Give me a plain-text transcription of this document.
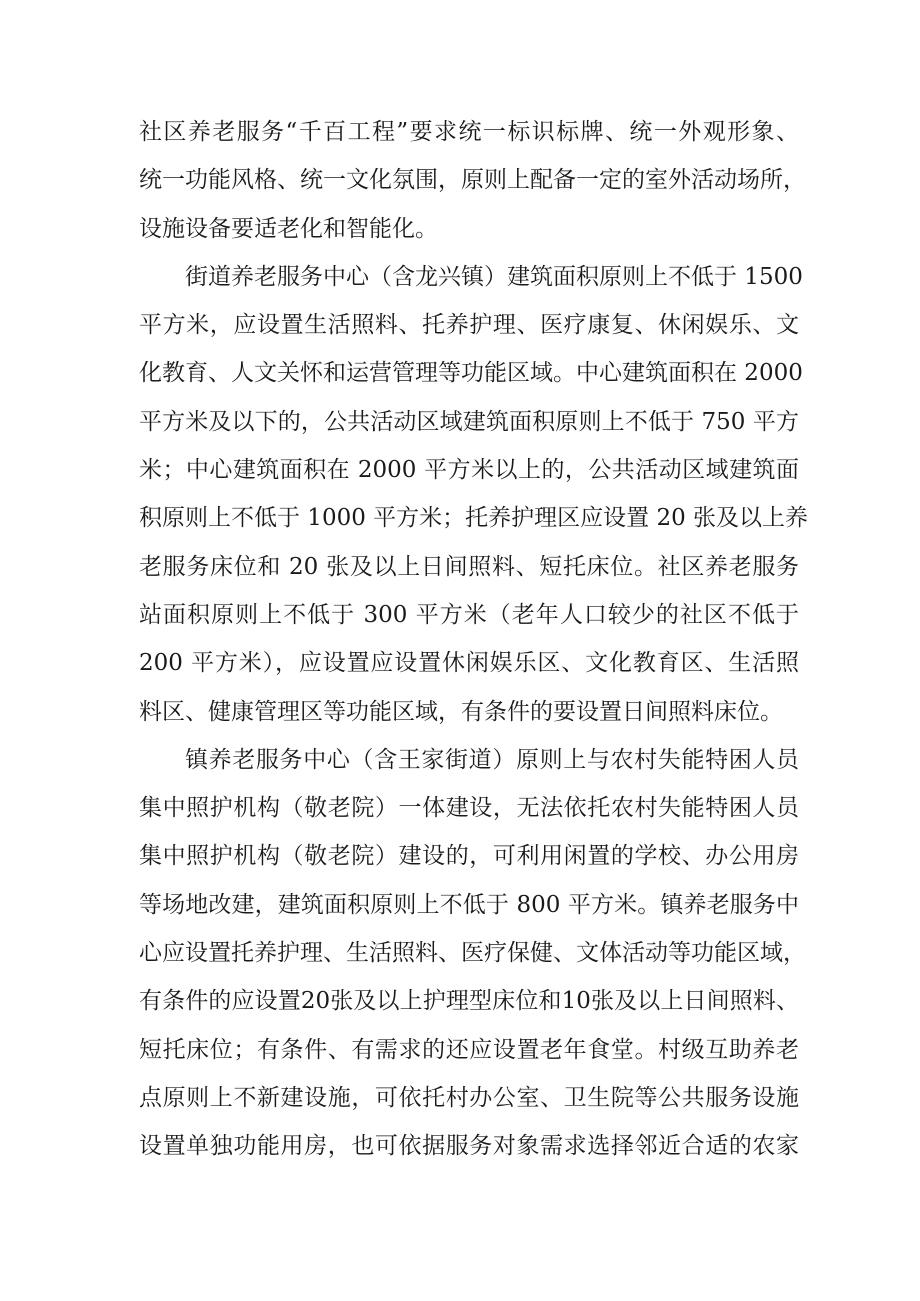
社区养老服务“千百工程”要求统一标识标牌、统一外观形象、
统一功能风格、统一文化氛围，原则上配备一定的室外活动场所，
设施设备要适老化和智能化。
街道养老服务中心（含龙兴镇）建筑面积原则上不低于 1500
平方米，应设置生活照料、托养护理、医疗康复、休闲娱乐、文
化教育、人文关怀和运营管理等功能区域。中心建筑面积在 2000
平方米及以下的，公共活动区域建筑面积原则上不低于 750 平方
米；中心建筑面积在 2000 平方米以上的，公共活动区域建筑面
积原则上不低于 1000 平方米；托养护理区应设置 20 张及以上养
老服务床位和 20 张及以上日间照料、短托床位。社区养老服务
站面积原则上不低于 300 平方米（老年人口较少的社区不低于
200 平方米），应设置应设置休闲娱乐区、文化教育区、生活照
料区、健康管理区等功能区域，有条件的要设置日间照料床位。
镇养老服务中心（含王家街道）原则上与农村失能特困人员
集中照护机构（敬老院）一体建设，无法依托农村失能特困人员
集中照护机构（敬老院）建设的，可利用闲置的学校、办公用房
等场地改建，建筑面积原则上不低于 800 平方米。镇养老服务中
心应设置托养护理、生活照料、医疗保健、文体活动等功能区域，
有条件的应设置20张及以上护理型床位和10张及以上日间照料、
短托床位；有条件、有需求的还应设置老年食堂。村级互助养老
点原则上不新建设施，可依托村办公室、卫生院等公共服务设施
设置单独功能用房，也可依据服务对象需求选择邻近合适的农家
